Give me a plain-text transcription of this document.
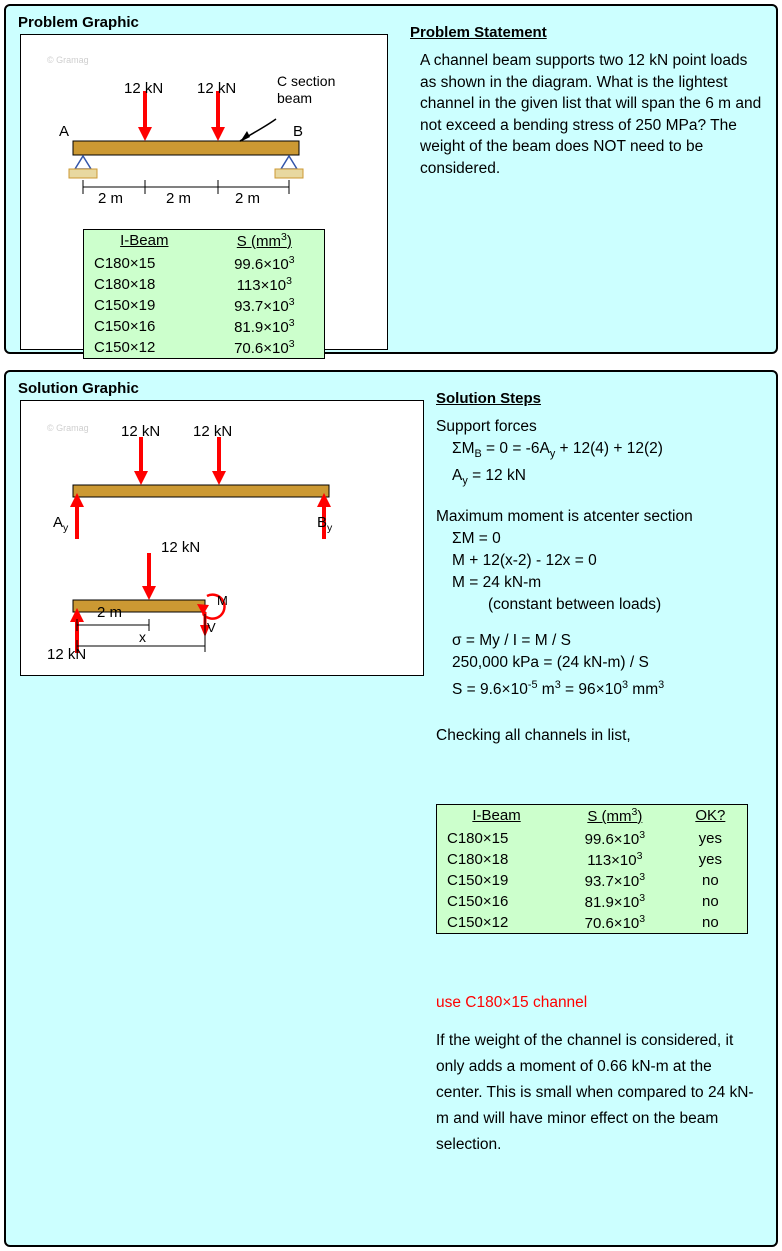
Problem Graphic
© Gramag
12 kN 12 kN	C section beam
A	B
2 m	2 m	2 m
I-Beam	S $(mm^3)$
C180×15	$99.6\times 10^3$
C180×18	$113\times 10^3$
C150×19	$93.7\times 10^3$
C150×16	$81.9\times 10^3$
C150×12	$70.6\times 10^3$
Problem Statement
A channel beam supports two 12 kN point loads as shown in the diagram. What is the lightest channel in the given list that will span the 6 m and not exceed a bending stress of 250 MPa? The weight of the beam does NOT need to be considered.
Solution Graphic
© Gramag 12 kN 12 kN
$A_y$	$B_y$
12 kN
2 m
M
V
x
12 kN
Solution Steps
Support forces
$\Sigma M_B = 0 = -6A_y + 12(4) + 12(2)$
$A_y = 12$ kN
Maximum moment is atcenter section
ΣM = 0
M + 12(x-2) - 12x = 0
M = 24 kN-m
(constant between loads)
σ = My / I = M / S
250,000 kPa = (24 kN-m) / S
$S = 9.6\times 10^{-5}$ $m^3 = 96\times 10^3$ $mm^3$
Checking all channels in list,
I-Beam	S $(mm^3)$	OK?
C180×15	$99.6\times 10^3$	yes
C180×18	$113\times 10^3$	yes
C150×19	$93.7\times 10^3$	no
C150×16	$81.9\times 10^3$	no
C150×12	$70.6\times 10^3$	no
use C180×15 channel
If the weight of the channel is considered, it only adds a moment of 0.66 kN-m at the center. This is small when compared to 24 kN-m and will have minor effect on the beam selection.
